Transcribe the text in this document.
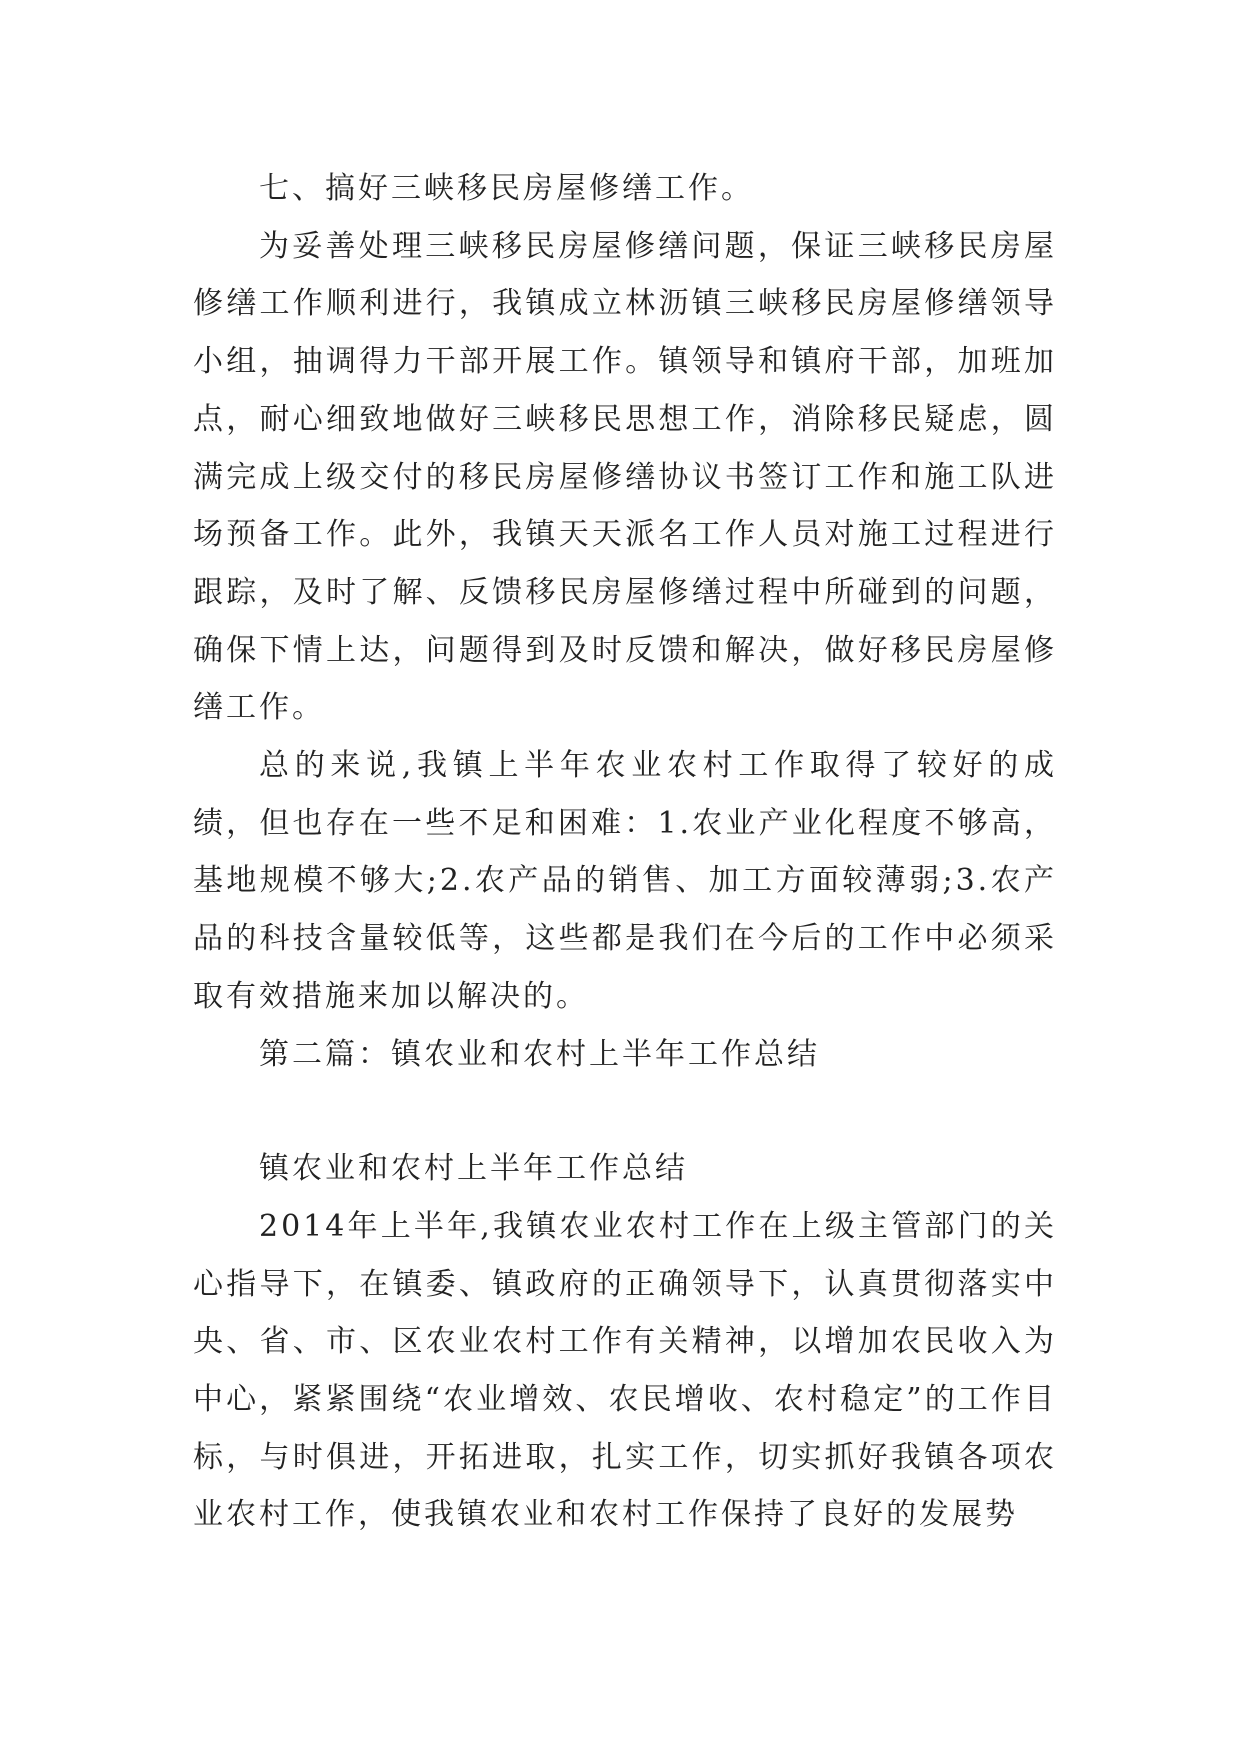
七、搞好三峡移民房屋修缮工作。

为妥善处理三峡移民房屋修缮问题，保证三峡移民房屋修缮工作顺利进行，我镇成立林沥镇三峡移民房屋修缮领导小组，抽调得力干部开展工作。镇领导和镇府干部，加班加点，耐心细致地做好三峡移民思想工作，消除移民疑虑，圆满完成上级交付的移民房屋修缮协议书签订工作和施工队进场预备工作。此外，我镇天天派名工作人员对施工过程进行跟踪，及时了解、反馈移民房屋修缮过程中所碰到的问题，确保下情上达，问题得到及时反馈和解决，做好移民房屋修缮工作。

总的来说,我镇上半年农业农村工作取得了较好的成绩，但也存在一些不足和困难：1.农业产业化程度不够高，基地规模不够大;2.农产品的销售、加工方面较薄弱;3.农产品的科技含量较低等，这些都是我们在今后的工作中必须采取有效措施来加以解决的。

第二篇：镇农业和农村上半年工作总结

镇农业和农村上半年工作总结

2014年上半年,我镇农业农村工作在上级主管部门的关心指导下，在镇委、镇政府的正确领导下，认真贯彻落实中央、省、市、区农业农村工作有关精神，以增加农民收入为中心，紧紧围绕“农业增效、农民增收、农村稳定”的工作目标，与时俱进，开拓进取，扎实工作，切实抓好我镇各项农业农村工作，使我镇农业和农村工作保持了良好的发展势
